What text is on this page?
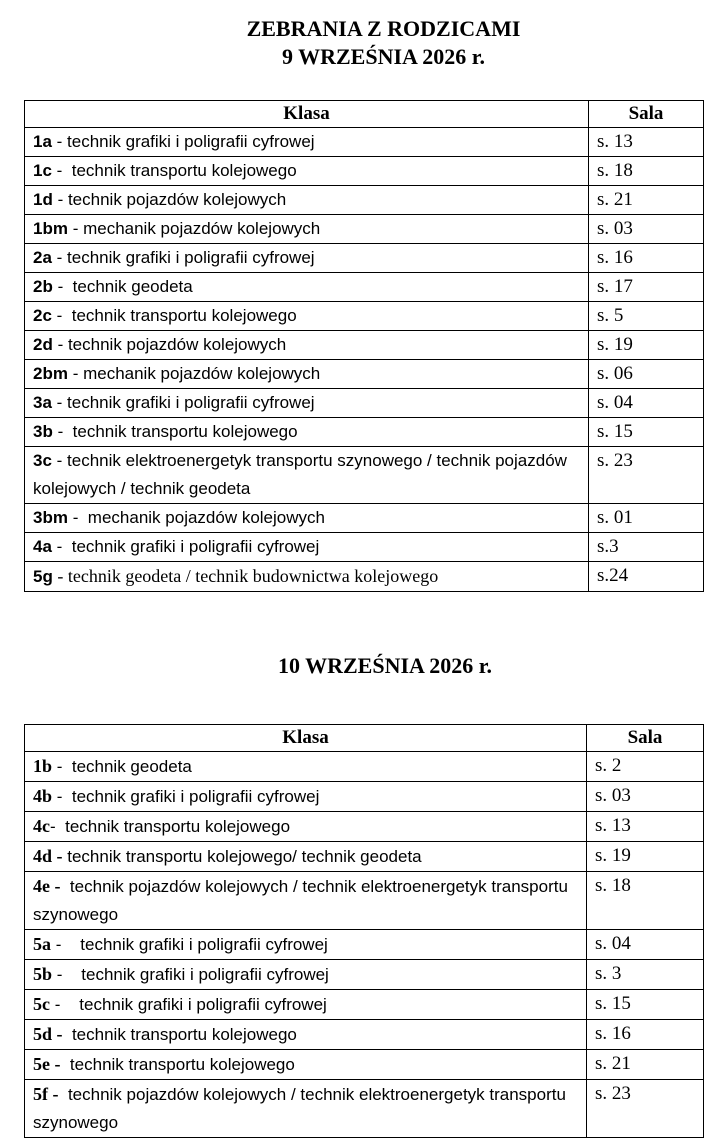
ZEBRANIA Z RODZICAMI
9 WRZEŚNIA 2026 r.
Klasa	Sala
1a - technik grafiki i poligrafii cyfrowej	s. 13
1c -  technik transportu kolejowego	s. 18
1d - technik pojazdów kolejowych	s. 21
1bm - mechanik pojazdów kolejowych	s. 03
2a - technik grafiki i poligrafii cyfrowej	s. 16
2b -  technik geodeta	s. 17
2c -  technik transportu kolejowego	s. 5
2d - technik pojazdów kolejowych	s. 19
2bm - mechanik pojazdów kolejowych	s. 06
3a - technik grafiki i poligrafii cyfrowej	s. 04
3b -  technik transportu kolejowego	s. 15
3c - technik elektroenergetyk transportu szynowego / technik pojazdów kolejowych / technik geodeta	s. 23
3bm -  mechanik pojazdów kolejowych	s. 01
4a -  technik grafiki i poligrafii cyfrowej	s.3
5g - technik geodeta / technik budownictwa kolejowego	s.24
10 WRZEŚNIA 2026 r.
Klasa	Sala
1b -  technik geodeta	s. 2
4b -  technik grafiki i poligrafii cyfrowej	s. 03
4c-  technik transportu kolejowego	s. 13
4d - technik transportu kolejowego/ technik geodeta	s. 19
4e -  technik pojazdów kolejowych / technik elektroenergetyk transportu szynowego	s. 18
5a -    technik grafiki i poligrafii cyfrowej	s. 04
5b -    technik grafiki i poligrafii cyfrowej	s. 3
5c -    technik grafiki i poligrafii cyfrowej	s. 15
5d -  technik transportu kolejowego	s. 16
5e -  technik transportu kolejowego	s. 21
5f -  technik pojazdów kolejowych / technik elektroenergetyk transportu szynowego	s. 23
